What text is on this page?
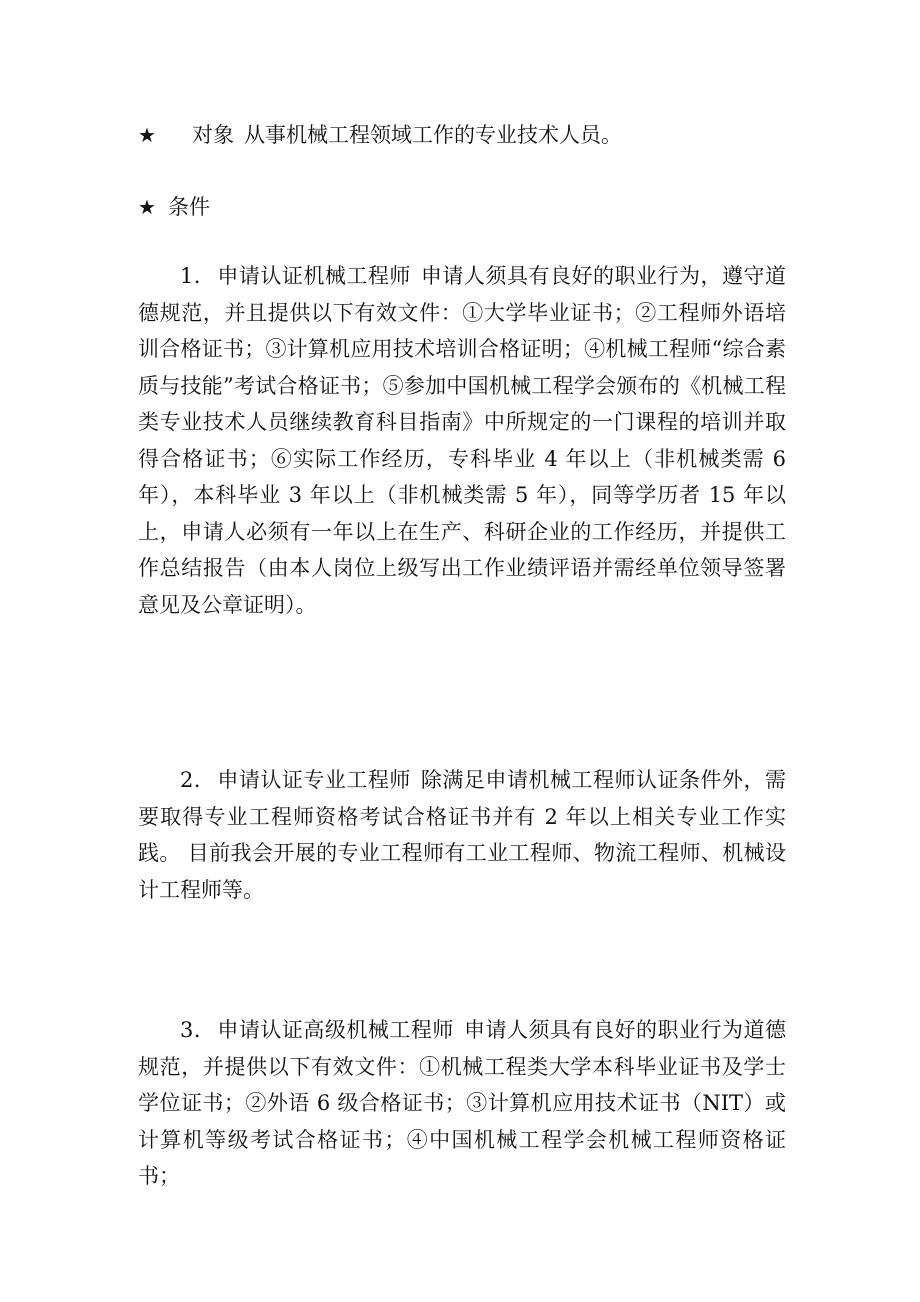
★ 对象 从事机械工程领域工作的专业技术人员。
★ 条件

1．申请认证机械工程师 申请人须具有良好的职业行为，遵守道德规范，并且提供以下有效文件：①大学毕业证书；②工程师外语培训合格证书；③计算机应用技术培训合格证明；④机械工程师“综合素质与技能”考试合格证书；⑤参加中国机械工程学会颁布的《机械工程类专业技术人员继续教育科目指南》中所规定的一门课程的培训并取得合格证书；⑥实际工作经历，专科毕业 4 年以上（非机械类需 6 年），本科毕业 3 年以上（非机械类需 5 年），同等学历者 15 年以上，申请人必须有一年以上在生产、科研企业的工作经历，并提供工作总结报告（由本人岗位上级写出工作业绩评语并需经单位领导签署意见及公章证明）。

2．申请认证专业工程师 除满足申请机械工程师认证条件外，需要取得专业工程师资格考试合格证书并有 2 年以上相关专业工作实践。 目前我会开展的专业工程师有工业工程师、物流工程师、机械设计工程师等。

3．申请认证高级机械工程师 申请人须具有良好的职业行为道德规范，并提供以下有效文件：①机械工程类大学本科毕业证书及学士学位证书；②外语 6 级合格证书；③计算机应用技术证书（NIT）或计算机等级考试合格证书；④中国机械工程学会机械工程师资格证书；
